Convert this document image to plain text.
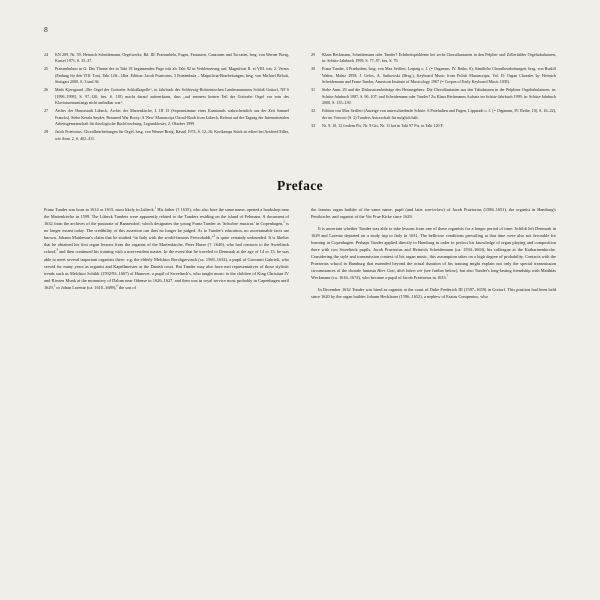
8
24	KN 209, Nr. 59; Heinrich Scheidemann, Orgelwerke, Bd. III: Praeambeln, Fugen, Fantasien, Canzonen und Toccaten, hrsg. von Werner Breig, Kassel 1971, S. 35–37.
25	Praeambulum in G: Das Thema der in Takt 18 beginnenden Fuge tritt als Takt 82 in Verkleinerung auf; Magnificat II. et VIII. ton, 2. Versus (Endung für den VIII. Ton), Takt 12ff.–14ba. Edition: Jacob Praetorius, 3 Praeambula – Magnificat-Bearbeitungen, hrsg. von Michael Belotti, Stuttgart 2000, S. 3 und 36.
26	Mads Kjersgaard „Die Orgel der Gottorfer Schloßkapelle“, in Jahrbuch des Schleswig-Holsteinischen Landesmuseums Schloß Gottorf, NF 6 [1996–1998], S. 97–120, bes. S. 118) macht darauf aufmerksam, dass „auf meinem keinen Teil der Gottorfer Orgel vor sein des Klaviaturenumfangs nicht anfindbar war“.
27	Archiv der Hansestadt Lübeck, Archiv der Marienkirche, I, III 13 (Sopranstimme eines Kantionals wahrscheinlich aus der Zeit Samuel Francks). Siehe Kerala Snyder, Returned War Booty: A 'New' Manuscript Choral-Book from Lübeck, Referat auf der Tagung der Internationalen Arbeitsgemeinschaft für theologische Buchforschung, Lagumkloster, 2. Oktober 1999.
28	Jacob Praetorius, Choralbearbeitungen für Orgel, hrsg. von Werner Breig, Kassel 1974, S. 12–16; Kortkamps Stück ist ediert bei Arnfried Edler, wie Anm. 2, S. 402–411.
29	Klaus Beckmann, Scheidemann oder Tunder? Echtheitsprobleme bei sechs Choralfantasien in den Pelplin- und Zöllerfülder Orgeltabulaturen, in: Schütz-Jahrbuch 1999, S. 77–97, bes. S. 79.
30	Franz Tunder, 4 Praeludien, hrsg. von Max Seiffert, Leipzig o. J. (= Organum, IV. Reihe, 6); Sämtliche Choralbearbeitungen, hrsg. von Rudolf Walter, Mainz 1958; J. Gefos, A. Sutkowski (Hrsg.), Keyboard Music from Polish Manuscripts, Vol. II: Organ Chorales by Heinrich Scheidemann and Franz Tunder, American Institute of Musicology 1967 (= Corpus of Early Keyboard Music 10/II).
31	Siehe Anm. 29 und die Diskussionsbeiträge des Herausgebers: Die Choralfantasien aus den Tabulaturen in der Pelpliner Orgeltabulaturen, in: Schütz-Jahrbuch 1987, S. 90–107; und Scheidemann oder Tunder? Zu Klaus Beckmanns Aufsatz im Schütz-Jahrbuch 1999, in: Schütz-Jahrbuch 2000, S. 135–139.
32	Edition von Max Seiffert (Anzeige von unterschiedende Schule. 6 Praeludien und Fugen, Lippstadt o. J. [= Organum, IV. Reihe, 10], S. 16–22), der im Vorwort (S. 2) Tunders Autorschaft für möglich hält.
33	Nr. 9, 10, 12 fordern Fis; Nr. 8 Gis, Nr. 11 hat in Takt 97 Fis, in Takt 120 F.
Preface

Franz Tunder was born in 1614 or 1615, most likely in Lübeck.$^1$ His father († 1635), who also bore the same name, opened a bookshop near the Marienkirche in 1599. The Lübeck Tunders were apparently related to the Tunders residing on the island of Fehmarn. A document of 1632 from the archives of the pastorate of Bannesdorf, which designates the young Franz Tunder as 'Scholare musicus' in Copenhagen,$^2$ is no longer extant today. The credibility of this assertion can thus no longer be judged. As to Tunder's education, no ascertainable facts are known. Johann Mattheson's claim that he studied “in Italy with the world-famous Frescobaldi,”$^3$ is quite certainly unfounded. It is likelier that he obtained his first organ lessons from the organist of the Marienkirche, Peter Hasse († 1640), who had contacts to the Sweelinck school,$^4$ and then continued his training with a non-resident master. In the event that he traveled to Denmark at the age of 14 or 15, he was able to meet several important organists there: e.g. the elderly Melchior Borchgrevinck (ca. 1569–1632), a pupil of Giovanni Gabrieli, who served for many years as organist and Kapellmeister at the Danish court. But Tunder may also have met representatives of those stylistic trends such as Melchior Schildt (1592/93–1667) of Hanover, a pupil of Sweelinck's, who taught music to the children of King Christian IV and Kirsten Munk at the monastery of Dalum near Odense in 1626–1627, and then was in royal service most probably in Copenhagen until 1629,$^5$ or Johan Lorentz (ca. 1610–1689),$^6$ the son of

the famous organ builder of the same name, pupil (and later son-in-law) of Jacob Praetorius (1586–1651), the organist in Hamburg's Petrikirche, and organist of the Vor Frue Kirke since 1629.

It is uncertain whether Tunder was able to take lessons from one of these organists for a longer period of time: Schildt left Denmark in 1629 and Lorentz departed on a study trip to Italy in 1631. The bellicose conditions prevailing at that time were also not favorable for learning in Copenhagen. Perhaps Tunder applied directly to Hamburg in order to perfect his knowledge of organ playing and composition there with two Sweelinck pupils, Jacob Praetorius and Heinrich Scheidemann (ca. 1594–1663), his colleague at the Katharinenkirche. Considering the style and transmission context of his organ music, this assumption takes on a high degree of probability. Contacts with the Praetorius school in Hamburg that extended beyond the actual duration of his training might explain not only the special transmission circumstances of the chorale fantasia Herr Gott, dich loben wir (see further below), but also Tunder's long-lasting friendship with Matthias Weckmann (ca. 1616–1674), who became a pupil of Jacob Praetorius in 1633.$^7$

In December 1632 Tunder was hired as organist at the court of Duke Frederick III (1597–1659) in Gottorf. This position had been held since 1620 by the organ builder Johann Hecklauer (1596–1652), a nephew of Esaias Compenius, who
